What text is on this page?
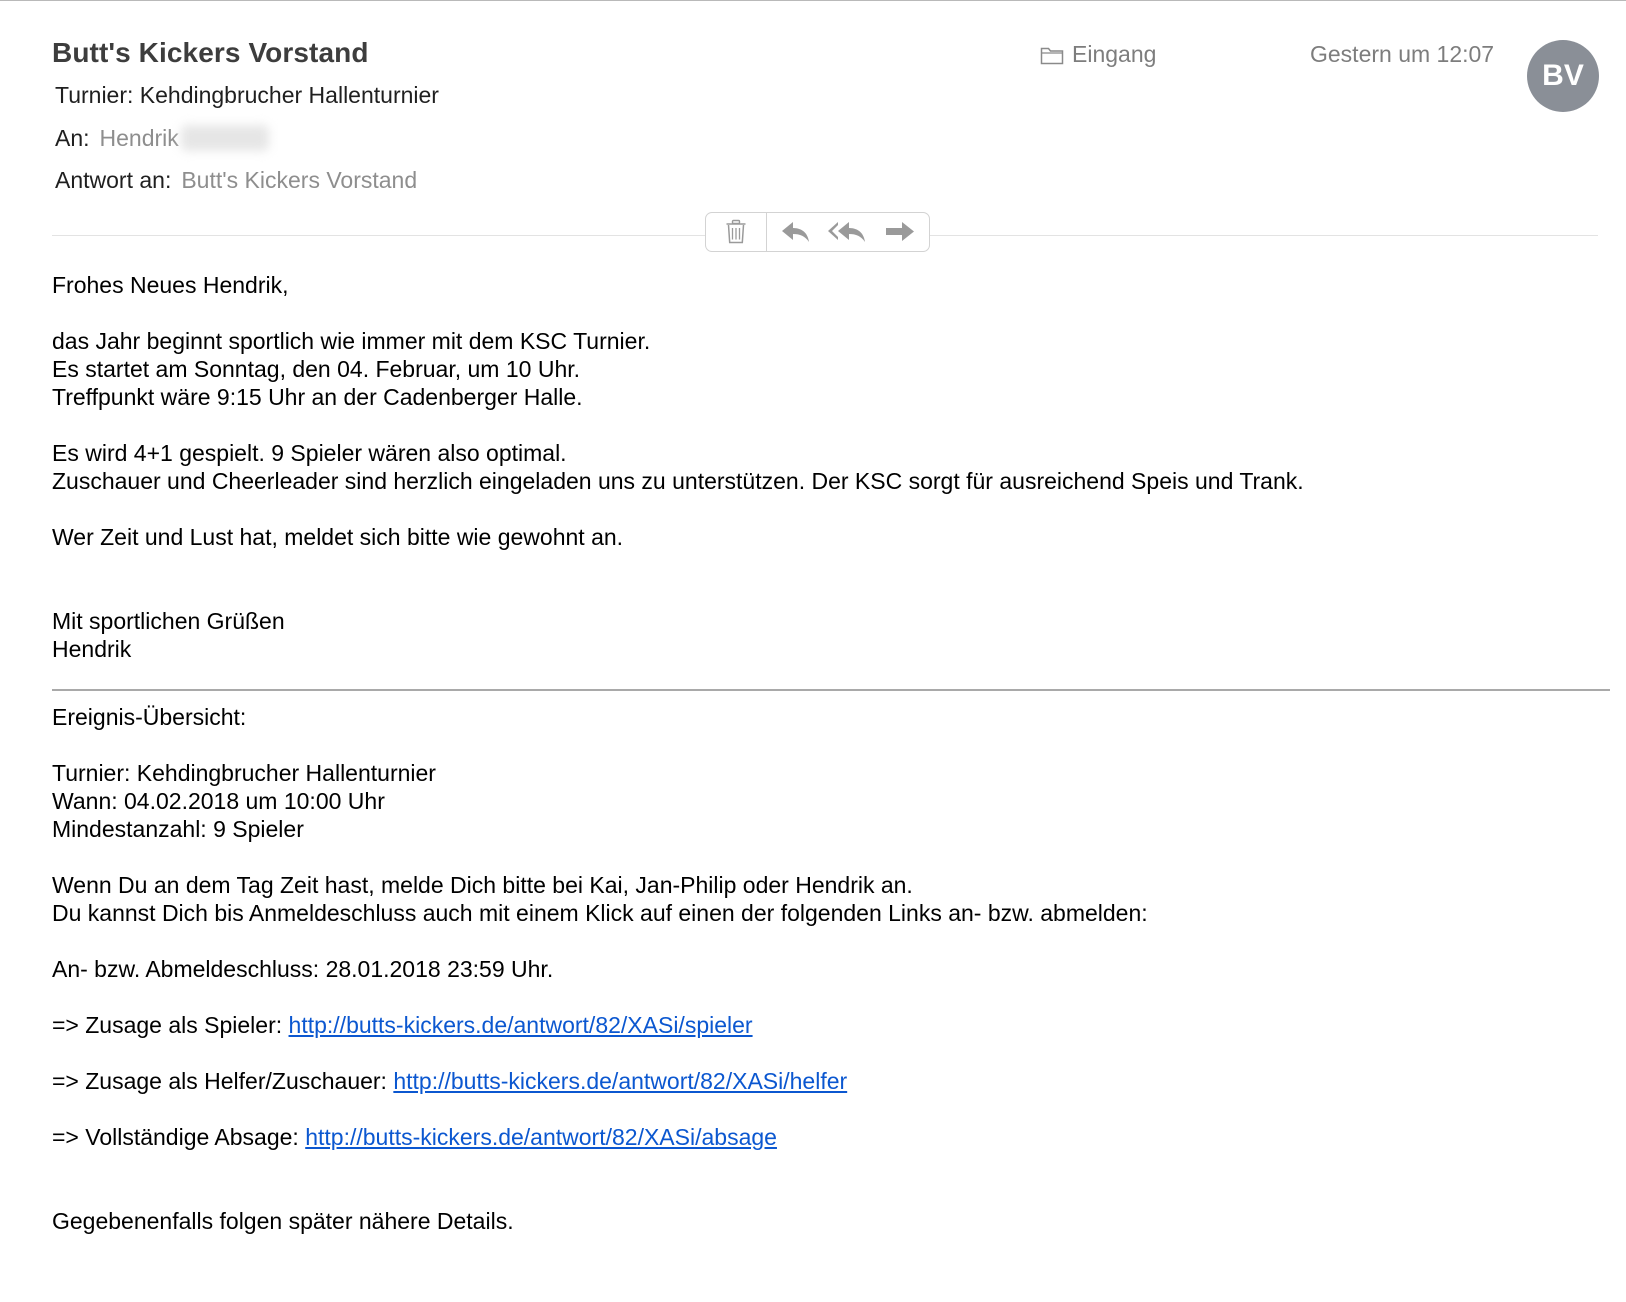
Butt's Kickers Vorstand
Turnier: Kehdingbrucher Hallenturnier
An: Hendrik
Antwort an: Butt's Kickers Vorstand
Eingang	Gestern um 12:07
BV

Frohes Neues Hendrik,

das Jahr beginnt sportlich wie immer mit dem KSC Turnier.

Es startet am Sonntag, den 04. Februar, um 10 Uhr.

Treffpunkt wäre 9:15 Uhr an der Cadenberger Halle.

Es wird 4+1 gespielt. 9 Spieler wären also optimal.

Zuschauer und Cheerleader sind herzlich eingeladen uns zu unterstützen. Der KSC sorgt für ausreichend Speis und Trank.

Wer Zeit und Lust hat, meldet sich bitte wie gewohnt an.

Mit sportlichen Grüßen

Hendrik

Ereignis-Übersicht:

Turnier: Kehdingbrucher Hallenturnier

Wann: 04.02.2018 um 10:00 Uhr

Mindestanzahl: 9 Spieler

Wenn Du an dem Tag Zeit hast, melde Dich bitte bei Kai, Jan-Philip oder Hendrik an.

Du kannst Dich bis Anmeldeschluss auch mit einem Klick auf einen der folgenden Links an- bzw. abmelden:

An- bzw. Abmeldeschluss: 28.01.2018 23:59 Uhr.

=> Zusage als Spieler: http://butts-kickers.de/antwort/82/XASi/spieler

=> Zusage als Helfer/Zuschauer: http://butts-kickers.de/antwort/82/XASi/helfer

=> Vollständige Absage: http://butts-kickers.de/antwort/82/XASi/absage

Gegebenenfalls folgen später nähere Details.
